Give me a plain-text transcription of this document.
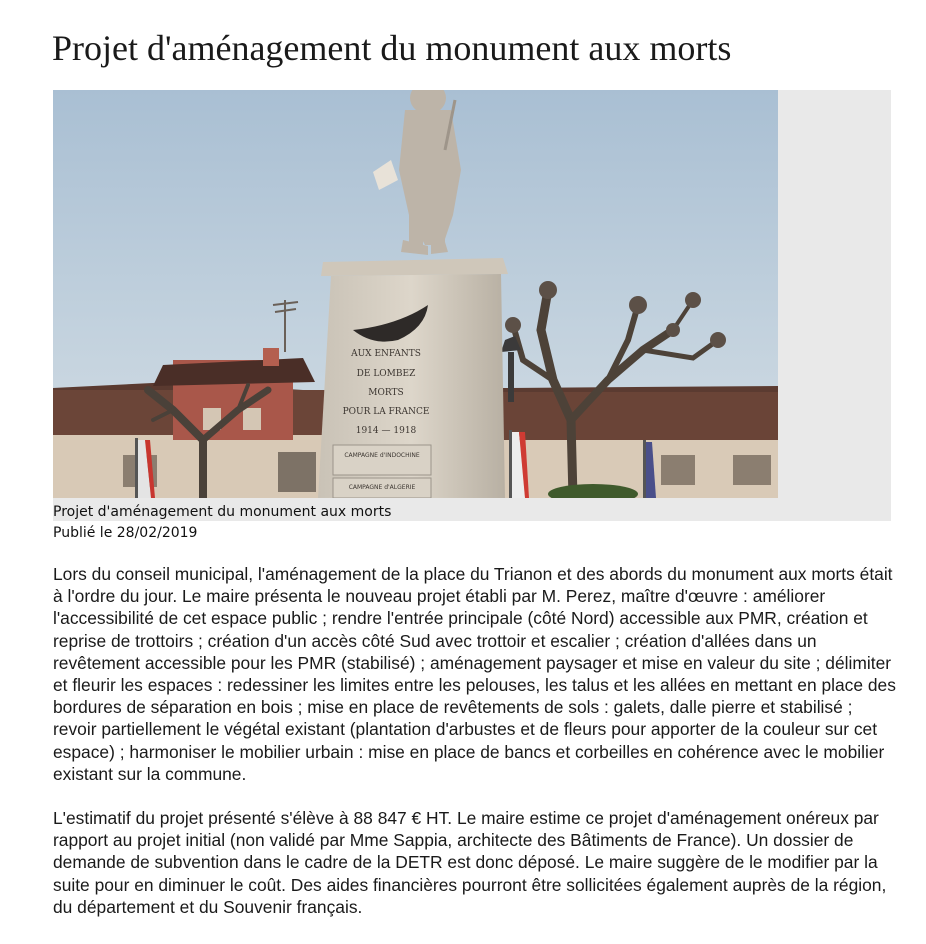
Projet d'aménagement du monument aux morts
AUX ENFANTS
DE LOMBEZ
MORTS
POUR LA FRANCE
1914 — 1918
CAMPAGNE d'INDOCHINE
CAMPAGNE d'ALGERIE
Projet d'aménagement du monument aux morts
Publié le 28/02/2019

Lors du conseil municipal, l'aménagement de la place du Trianon et des abords du monument aux morts était à l'ordre du jour. Le maire présenta le nouveau projet établi par M. Perez, maître d'œuvre : améliorer l'accessibilité de cet espace public ; rendre l'entrée principale (côté Nord) accessible aux PMR, création et reprise de trottoirs ; création d'un accès côté Sud avec trottoir et escalier ; création d'allées dans un revêtement accessible pour les PMR (stabilisé) ; aménagement paysager et mise en valeur du site ; délimiter et fleurir les espaces : redessiner les limites entre les pelouses, les talus et les allées en mettant en place des bordures de séparation en bois ; mise en place de revêtements de sols : galets, dalle pierre et stabilisé ; revoir partiellement le végétal existant (plantation d'arbustes et de fleurs pour apporter de la couleur sur cet espace) ; harmoniser le mobilier urbain : mise en place de bancs et corbeilles en cohérence avec le mobilier existant sur la commune.

L'estimatif du projet présenté s'élève à 88 847 € HT. Le maire estime ce projet d'aménagement onéreux par rapport au projet initial (non validé par Mme Sappia, architecte des Bâtiments de France). Un dossier de demande de subvention dans le cadre de la DETR est donc déposé. Le maire suggère de le modifier par la suite pour en diminuer le coût. Des aides financières pourront être sollicitées également auprès de la région, du département et du Souvenir français.
